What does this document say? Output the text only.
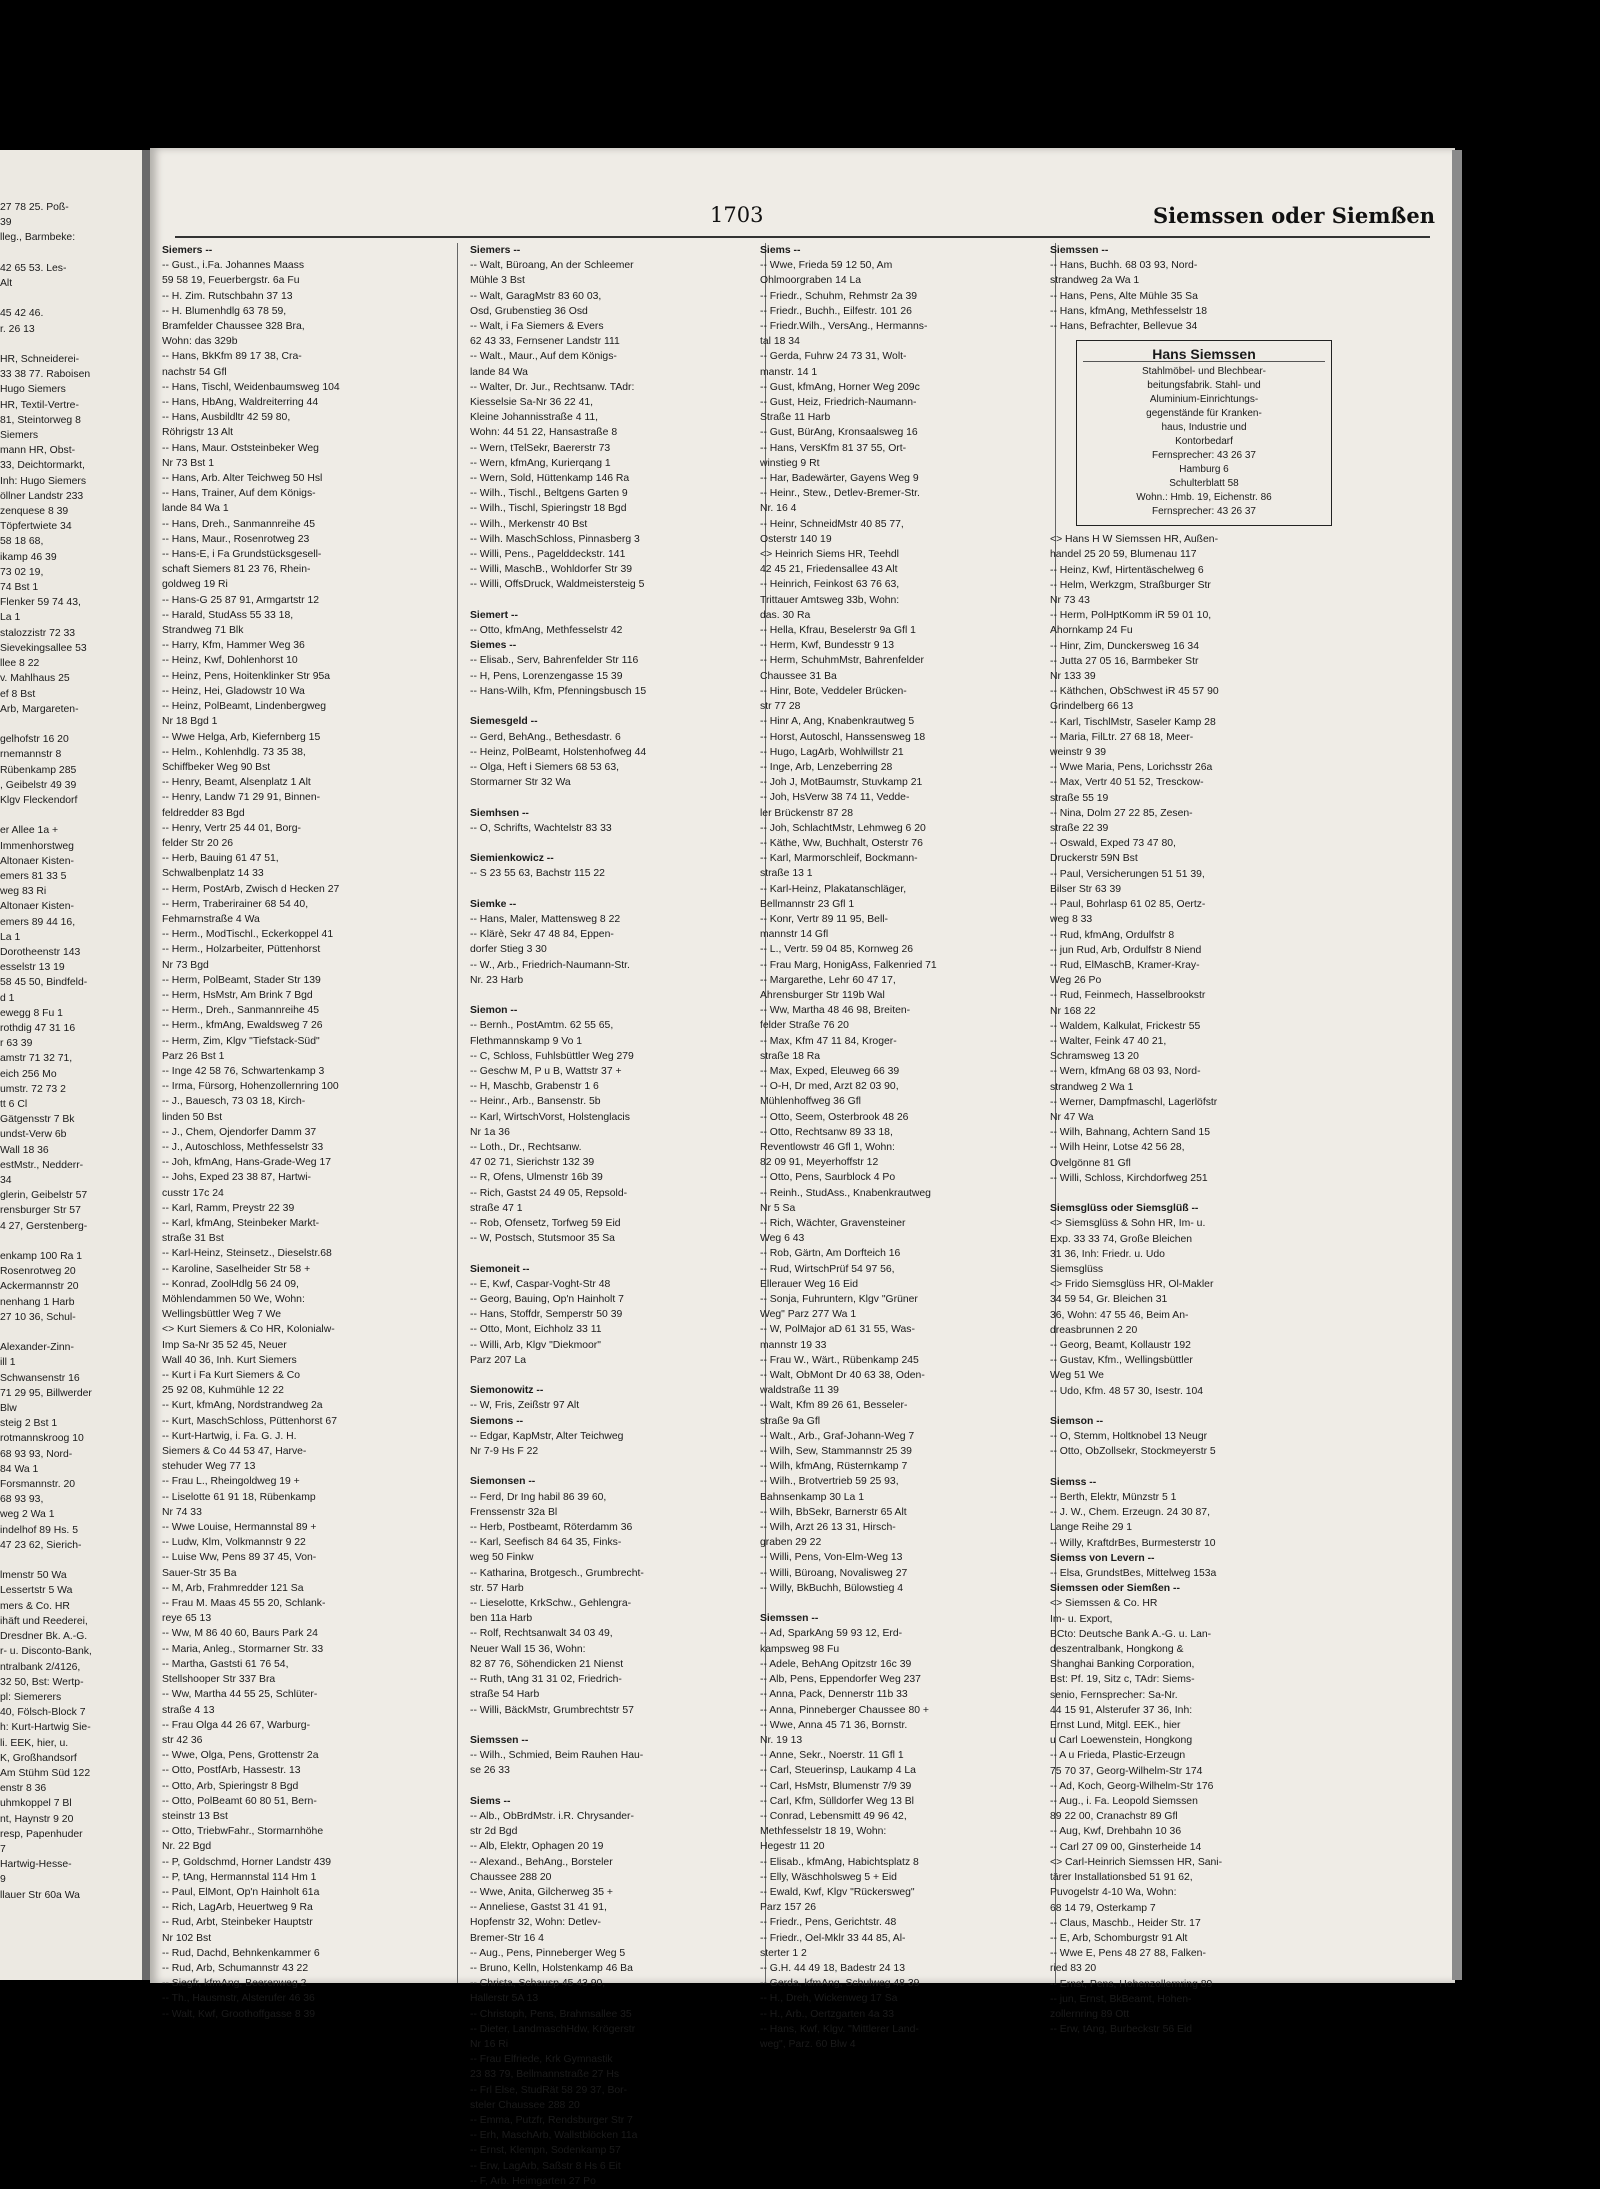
27 78 25. Poß-
39
lleg., Barmbeke:

42 65 53. Les-
Alt

45 42 46.
r. 26 13

HR, Schneiderei-
33 38 77. Raboisen
Hugo Siemers
HR, Textil-Vertre-
81, Steintorweg 8
Siemers
mann HR, Obst-
33, Deichtormarkt,
Inh: Hugo Siemers
öllner Landstr 233
zenquese 8 39
Töpfertwiete 34
58 18 68,
ikamp 46 39
73 02 19,
74 Bst 1
Flenker 59 74 43,
La 1
stalozzistr 72 33
Sievekingsallee 53
llee 8 22
v. Mahlhaus 25
ef 8 Bst
Arb, Margareten-

gelhofstr 16 20
rnemannstr 8
Rübenkamp 285
, Geibelstr 49 39
Klgv Fleckendorf

er Allee 1a +
Immenhorstweg
Altonaer Kisten-
emers 81 33 5
weg 83 Ri
Altonaer Kisten-
emers 89 44 16,
La 1
Dorotheenstr 143
esselstr 13 19
58 45 50, Bindfeld-
d 1
ewegg 8 Fu 1
rothdig 47 31 16
r 63 39
amstr 71 32 71,
eich 256 Mo
umstr. 72 73 2
tt 6 Cl
Gätgensstr 7 Bk
undst-Verw 6b
Wall 18 36
estMstr., Nedderr-
34
glerin, Geibelstr 57
rensburger Str 57
4 27, Gerstenberg-

enkamp 100 Ra 1
Rosenrotweg 20
Ackermannstr 20
nenhang 1 Harb
27 10 36, Schul-

Alexander-Zinn-
ill 1
Schwansenstr 16
71 29 95, Billwerder
Blw
steig 2 Bst 1
rotmannskroog 10
68 93 93, Nord-
84 Wa 1
Forsmannstr. 20
68 93 93,
weg 2 Wa 1
indelhof 89 Hs. 5
47 23 62, Sierich-

lmenstr 50 Wa
Lessertstr 5 Wa
mers & Co. HR
ihäft und Reederei,
Dresdner Bk. A.-G.
r- u. Disconto-Bank,
ntralbank 2/4126,
32 50, Bst: Wertp-
pl: Siemerers
40, Fölsch-Block 7
h: Kurt-Hartwig Sie-
li. EEK, hier, u.
K, Großhandsorf
Am Stühm Süd 122
enstr 8 36
uhmkoppel 7 Bl
nt, Haynstr 9 20
resp, Papenhuder
7
Hartwig-Hesse-
9
llauer Str 60a Wa
1703	Siemssen oder Siemßen
Siemers --
-- Gust., i.Fa. Johannes Maass
59 58 19, Feuerbergstr. 6a Fu
-- H. Zim. Rutschbahn 37 13
-- H. Blumenhdlg 63 78 59,
Bramfelder Chaussee 328 Bra,
Wohn: das 329b
-- Hans, BkKfm 89 17 38, Cra-
nachstr 54 Gfl
-- Hans, Tischl, Weidenbaumsweg 104
-- Hans, HbAng, Waldreiterring 44
-- Hans, Ausbildltr 42 59 80,
Röhrigstr 13 Alt
-- Hans, Maur. Oststeinbeker Weg
Nr 73 Bst 1
-- Hans, Arb. Alter Teichweg 50 Hsl
-- Hans, Trainer, Auf dem Königs-
lande 84 Wa 1
-- Hans, Dreh., Sanmannreihe 45
-- Hans, Maur., Rosenrotweg 23
-- Hans-E, i Fa Grundstücksgesell-
schaft Siemers 81 23 76, Rhein-
goldweg 19 Ri
-- Hans-G 25 87 91, Armgartstr 12
-- Harald, StudAss 55 33 18,
Strandweg 71 Blk
-- Harry, Kfm, Hammer Weg 36
-- Heinz, Kwf, Dohlenhorst 10
-- Heinz, Pens, Hoitenklinker Str 95a
-- Heinz, Hei, Gladowstr 10 Wa
-- Heinz, PolBeamt, Lindenbergweg
Nr 18 Bgd 1
-- Wwe Helga, Arb, Kiefernberg 15
-- Helm., Kohlenhdlg. 73 35 38,
Schiffbeker Weg 90 Bst
-- Henry, Beamt, Alsenplatz 1 Alt
-- Henry, Landw 71 29 91, Binnen-
feldredder 83 Bgd
-- Henry, Vertr 25 44 01, Borg-
felder Str 20 26
-- Herb, Bauing 61 47 51,
Schwalbenplatz 14 33
-- Herm, PostArb, Zwisch d Hecken 27
-- Herm, Traberirainer 68 54 40,
Fehmarnstraße 4 Wa
-- Herm., ModTischl., Eckerkoppel 41
-- Herm., Holzarbeiter, Püttenhorst
Nr 73 Bgd
-- Herm, PolBeamt, Stader Str 139
-- Herm, HsMstr, Am Brink 7 Bgd
-- Herm., Dreh., Sanmannreihe 45
-- Herm., kfmAng, Ewaldsweg 7 26
-- Herm, Zim, Klgv "Tiefstack-Süd"
Parz 26 Bst 1
-- Inge 42 58 76, Schwartenkamp 3
-- Irma, Fürsorg, Hohenzollernring 100
-- J., Bauesch, 73 03 18, Kirch-
linden 50 Bst
-- J., Chem, Ojendorfer Damm 37
-- J., Autoschloss, Methfesselstr 33
-- Joh, kfmAng, Hans-Grade-Weg 17
-- Johs, Exped 23 38 87, Hartwi-
cusstr 17c 24
-- Karl, Ramm, Preystr 22 39
-- Karl, kfmAng, Steinbeker Markt-
straße 31 Bst
-- Karl-Heinz, Steinsetz., Dieselstr.68
-- Karoline, Saselheider Str 58 +
-- Konrad, ZoolHdlg 56 24 09,
Möhlendammen 50 We, Wohn:
Wellingsbüttler Weg 7 We
<> Kurt Siemers & Co HR, Kolonialw-
Imp Sa-Nr 35 52 45, Neuer
Wall 40 36, Inh. Kurt Siemers
-- Kurt i Fa Kurt Siemers & Co
25 92 08, Kuhmühle 12 22
-- Kurt, kfmAng, Nordstrandweg 2a
-- Kurt, MaschSchloss, Püttenhorst 67
-- Kurt-Hartwig, i. Fa. G. J. H.
Siemers & Co 44 53 47, Harve-
stehuder Weg 77 13
-- Frau L., Rheingoldweg 19 +
-- Liselotte 61 91 18, Rübenkamp
Nr 74 33
-- Wwe Louise, Hermannstal 89 +
-- Ludw, Klm, Volkmannstr 9 22
-- Luise Ww, Pens 89 37 45, Von-
Sauer-Str 35 Ba
-- M, Arb, Frahmredder 121 Sa
-- Frau M. Maas 45 55 20, Schlank-
reye 65 13
-- Ww, M 86 40 60, Baurs Park 24
-- Maria, Anleg., Stormarner Str. 33
-- Martha, Gaststi 61 76 54,
Stellshooper Str 337 Bra
-- Ww, Martha 44 55 25, Schlüter-
straße 4 13
-- Frau Olga 44 26 67, Warburg-
str 42 36
-- Wwe, Olga, Pens, Grottenstr 2a
-- Otto, PostfArb, Hassestr. 13
-- Otto, Arb, Spieringstr 8 Bgd
-- Otto, PolBeamt 60 80 51, Bern-
steinstr 13 Bst
-- Otto, TriebwFahr., Stormarnhöhe
Nr. 22 Bgd
-- P, Goldschmd, Horner Landstr 439
-- P, tAng, Hermannstal 114 Hm 1
-- Paul, ElMont, Op'n Hainholt 61a
-- Rich, LagArb, Heuertweg 9 Ra
-- Rud, Arbt, Steinbeker Hauptstr
Nr 102 Bst
-- Rud, Dachd, Behnkenkammer 6
-- Rud, Arb, Schumannstr 43 22
-- Siegfr, kfmAng, Beerenweg 2
-- Th., Hausmstr, Alsterufer 46 36
-- Walt, Kwf, Groothoffgasse 8 39
Siemers --
-- Walt, Büroang, An der Schleemer
Mühle 3 Bst
-- Walt, GaragMstr 83 60 03,
Osd, Grubenstieg 36 Osd
-- Walt, i Fa Siemers & Evers
62 43 33, Fernsener Landstr 111
-- Walt., Maur., Auf dem Königs-
lande 84 Wa
-- Walter, Dr. Jur., Rechtsanw. TAdr:
Kiesselsie Sa-Nr 36 22 41,
Kleine Johannisstraße 4 11,
Wohn: 44 51 22, Hansastraße 8
-- Wern, tTelSekr, Baererstr 73
-- Wern, kfmAng, Kurierqang 1
-- Wern, Sold, Hüttenkamp 146 Ra
-- Wilh., Tischl., Beltgens Garten 9
-- Wilh., Tischl, Spieringstr 18 Bgd
-- Wilh., Merkenstr 40 Bst
-- Wilh. MaschSchloss, Pinnasberg 3
-- Willi, Pens., Pagelddeckstr. 141
-- Willi, MaschB., Wohldorfer Str 39
-- Willi, OffsDruck, Waldmeistersteig 5

Siemert --
-- Otto, kfmAng, Methfesselstr 42
Siemes --
-- Elisab., Serv, Bahrenfelder Str 116
-- H, Pens, Lorenzengasse 15 39
-- Hans-Wilh, Kfm, Pfenningsbusch 15

Siemesgeld --
-- Gerd, BehAng., Bethesdastr. 6
-- Heinz, PolBeamt, Holstenhofweg 44
-- Olga, Heft i Siemers 68 53 63,
Stormarner Str 32 Wa

Siemhsen --
-- O, Schrifts, Wachtelstr 83 33

Siemienkowicz --
-- S 23 55 63, Bachstr 115 22

Siemke --
-- Hans, Maler, Mattensweg 8 22
-- Klärè, Sekr 47 48 84, Eppen-
dorfer Stieg 3 30
-- W., Arb., Friedrich-Naumann-Str.
Nr. 23 Harb

Siemon --
-- Bernh., PostAmtm. 62 55 65,
Flethmannskamp 9 Vo 1
-- C, Schloss, Fuhlsbüttler Weg 279
-- Geschw M, P u B, Wattstr 37 +
-- H, Maschb, Grabenstr 1 6
-- Heinr., Arb., Bansenstr. 5b
-- Karl, WirtschVorst, Holstenglacis
Nr 1a 36
-- Loth., Dr., Rechtsanw.
47 02 71, Sierichstr 132 39
-- R, Ofens, Ulmenstr 16b 39
-- Rich, Gastst 24 49 05, Repsold-
straße 47 1
-- Rob, Ofensetz, Torfweg 59 Eid
-- W, Postsch, Stutsmoor 35 Sa

Siemoneit --
-- E, Kwf, Caspar-Voght-Str 48
-- Georg, Bauing, Op'n Hainholt 7
-- Hans, Stoffdr, Semperstr 50 39
-- Otto, Mont, Eichholz 33 11
-- Willi, Arb, Klgv "Diekmoor"
Parz 207 La

Siemonowitz --
-- W, Fris, Zeißstr 97 Alt
Siemons --
-- Edgar, KapMstr, Alter Teichweg
Nr 7-9 Hs F 22

Siemonsen --
-- Ferd, Dr Ing habil 86 39 60,
Frenssenstr 32a Bl
-- Herb, Postbeamt, Röterdamm 36
-- Karl, Seefisch 84 64 35, Finks-
weg 50 Finkw
-- Katharina, Brotgesch., Grumbrecht-
str. 57 Harb
-- Lieselotte, KrkSchw., Gehlengra-
ben 11a Harb
-- Rolf, Rechtsanwalt 34 03 49,
Neuer Wall 15 36, Wohn:
82 87 76, Söhendicken 21 Nienst
-- Ruth, tAng 31 31 02, Friedrich-
straße 54 Harb
-- Willi, BäckMstr, Grumbrechtstr 57

Siemssen --
-- Wilh., Schmied, Beim Rauhen Hau-
se 26 33

Siems --
-- Alb., ObBrdMstr. i.R. Chrysander-
str 2d Bgd
-- Alb, Elektr, Ophagen 20 19
-- Alexand., BehAng., Borsteler
Chaussee 288 20
-- Wwe, Anita, Gilcherweg 35 +
-- Anneliese, Gastst 31 41 91,
Hopfenstr 32, Wohn: Detlev-
Bremer-Str 16 4
-- Aug., Pens, Pinneberger Weg 5
-- Bruno, Kelln, Holstenkamp 46 Ba
-- Christa, Schausp 45 43 90,
Hallerstr 5A 13
-- Christoph, Pens, Brahmsallee 35
-- Dieter, LandmaschHdw, Krögerstr
Nr 16 Ri
-- Frau Elfriede, Krk Gymnastik
23 83 79, Bellmannstraße 27 Hs
-- Frl Else, StudRät 58 29 37, Bor-
steler Chaussee 288 20
-- Emma, Putzfr, Rendsburger Str 7
-- Erh, MaschArb, Wallstblöcken 11a
-- Ernst, Klempn, Sodenkamp 57
-- Erw, LagArb, Saßstr 8 Hs 6 Eit
-- F, Arb. Heimgarten 27 Po
Siems --
-- Wwe, Frieda 59 12 50, Am
Ohlmoorgraben 14 La
-- Friedr., Schuhm, Rehmstr 2a 39
-- Friedr., Buchh., Eilfestr. 101 26
-- Friedr.Wilh., VersAng., Hermanns-
tal 18 34
-- Gerda, Fuhrw 24 73 31, Wolt-
manstr. 14 1
-- Gust, kfmAng, Horner Weg 209c
-- Gust, Heiz, Friedrich-Naumann-
Straße 11 Harb
-- Gust, BürAng, Kronsaalsweg 16
-- Hans, VersKfm 81 37 55, Ort-
winstieg 9 Rt
-- Har, Badewärter, Gayens Weg 9
-- Heinr., Stew., Detlev-Bremer-Str.
Nr. 16 4
-- Heinr, SchneidMstr 40 85 77,
Osterstr 140 19
<> Heinrich Siems HR, Teehdl
42 45 21, Friedensallee 43 Alt
-- Heinrich, Feinkost 63 76 63,
Trittauer Amtsweg 33b, Wohn:
das. 30 Ra
-- Hella, Kfrau, Beselerstr 9a Gfl 1
-- Herm, Kwf, Bundesstr 9 13
-- Herm, SchuhmMstr, Bahrenfelder
Chaussee 31 Ba
-- Hinr, Bote, Veddeler Brücken-
str 77 28
-- Hinr A, Ang, Knabenkrautweg 5
-- Horst, Autoschl, Hanssensweg 18
-- Hugo, LagArb, Wohlwillstr 21
-- Inge, Arb, Lenzeberring 28
-- Joh J, MotBaumstr, Stuvkamp 21
-- Joh, HsVerw 38 74 11, Vedde-
ler Brückenstr 87 28
-- Joh, SchlachtMstr, Lehmweg 6 20
-- Käthe, Ww, Buchhalt, Osterstr 76
-- Karl, Marmorschleif, Bockmann-
straße 13 1
-- Karl-Heinz, Plakatanschläger,
Bellmannstr 23 Gfl 1
-- Konr, Vertr 89 11 95, Bell-
mannstr 14 Gfl
-- L., Vertr. 59 04 85, Kornweg 26
-- Frau Marg, HonigAss, Falkenried 71
-- Margarethe, Lehr 60 47 17,
Ahrensburger Str 119b Wal
-- Ww, Martha 48 46 98, Breiten-
felder Straße 76 20
-- Max, Kfm 47 11 84, Kroger-
straße 18 Ra
-- Max, Exped, Eleuweg 66 39
-- O-H, Dr med, Arzt 82 03 90,
Mühlenhoffweg 36 Gfl
-- Otto, Seem, Osterbrook 48 26
-- Otto, Rechtsanw 89 33 18,
Reventlowstr 46 Gfl 1, Wohn:
82 09 91, Meyerhoffstr 12
-- Otto, Pens, Saurblock 4 Po
-- Reinh., StudAss., Knabenkrautweg
Nr 5 Sa
-- Rich, Wächter, Gravensteiner
Weg 6 43
-- Rob, Gärtn, Am Dorfteich 16
-- Rud, WirtschPrüf 54 97 56,
Ellerauer Weg 16 Eid
-- Sonja, Fuhruntern, Klgv "Grüner
Weg" Parz 277 Wa 1
-- W, PolMajor aD 61 31 55, Was-
mannstr 19 33
-- Frau W., Wärt., Rübenkamp 245
-- Walt, ObMont Dr 40 63 38, Oden-
waldstraße 11 39
-- Walt, Kfm 89 26 61, Besseler-
straße 9a Gfl
-- Walt., Arb., Graf-Johann-Weg 7
-- Wilh, Sew, Stammannstr 25 39
-- Wilh, kfmAng, Rüsternkamp 7
-- Wilh., Brotvertrieb 59 25 93,
Bahnsenkamp 30 La 1
-- Wilh, BbSekr, Barnerstr 65 Alt
-- Wilh, Arzt 26 13 31, Hirsch-
graben 29 22
-- Willi, Pens, Von-Elm-Weg 13
-- Willi, Büroang, Novalisweg 27
-- Willy, BkBuchh, Bülowstieg 4

Siemssen --
-- Ad, SparkAng 59 93 12, Erd-
kampsweg 98 Fu
-- Adele, BehAng Opitzstr 16c 39
-- Alb, Pens, Eppendorfer Weg 237
-- Anna, Pack, Dennerstr 11b 33
-- Anna, Pinneberger Chaussee 80 +
-- Wwe, Anna 45 71 36, Bornstr.
Nr. 19 13
-- Anne, Sekr., Noerstr. 11 Gfl 1
-- Carl, Steuerinsp, Laukamp 4 La
-- Carl, HsMstr, Blumenstr 7/9 39
-- Carl, Kfm, Sülldorfer Weg 13 Bl
-- Conrad, Lebensmitt 49 96 42,
Methfesselstr 18 19, Wohn:
Hegestr 11 20
-- Elisab., kfmAng, Habichtsplatz 8
-- Elly, Wäschholsweg 5 + Eid
-- Ewald, Kwf, Klgv "Rückersweg"
Parz 157 26
-- Friedr., Pens, Gerichtstr. 48
-- Friedr., Oel-Mklr 33 44 85, Al-
sterter 1 2
-- G.H. 44 49 18, Badestr 24 13
-- Gerda, kfmAng, Schulweg 48 39
-- H., Dreh, Wickenweg 17 Sa
-- H., Arb., Oertzgarten 4a 33
-- Hans, Kwf, Klgv. "Mittlerer Land-
weg", Parz. 60 Blw 4
Siemssen --
-- Hans, Buchh. 68 03 93, Nord-
strandweg 2a Wa 1
-- Hans, Pens, Alte Mühle 35 Sa
-- Hans, kfmAng, Methfesselstr 18
-- Hans, Befrachter, Bellevue 34
Hans Siemssen
Stahlmöbel- und Blechbear-
beitungsfabrik. Stahl- und
Aluminium-Einrichtungs-
gegenstände für Kranken-
haus, Industrie und
Kontorbedarf
Fernsprecher: 43 26 37
Hamburg 6
Schulterblatt 58
Wohn.: Hmb. 19, Eichenstr. 86
Fernsprecher: 43 26 37
<> Hans H W Siemssen HR, Außen-
handel 25 20 59, Blumenau 117
-- Heinz, Kwf, Hirtentäschelweg 6
-- Helm, Werkzgm, Straßburger Str
Nr 73 43
-- Herm, PolHptKomm iR 59 01 10,
Ahornkamp 24 Fu
-- Hinr, Zim, Dunckersweg 16 34
-- Jutta 27 05 16, Barmbeker Str
Nr 133 39
-- Käthchen, ObSchwest iR 45 57 90
Grindelberg 66 13
-- Karl, TischlMstr, Saseler Kamp 28
-- Maria, FilLtr. 27 68 18, Meer-
weinstr 9 39
-- Wwe Maria, Pens, Lorichsstr 26a
-- Max, Vertr 40 51 52, Tresckow-
straße 55 19
-- Nina, Dolm 27 22 85, Zesen-
straße 22 39
-- Oswald, Exped 73 47 80,
Druckerstr 59N Bst
-- Paul, Versicherungen 51 51 39,
Bilser Str 63 39
-- Paul, Bohrlasp 61 02 85, Oertz-
weg 8 33
-- Rud, kfmAng, Ordulfstr 8
-- jun Rud, Arb, Ordulfstr 8 Niend
-- Rud, ElMaschB, Kramer-Kray-
Weg 26 Po
-- Rud, Feinmech, Hasselbrookstr
Nr 168 22
-- Waldem, Kalkulat, Frickestr 55
-- Walter, Feink 47 40 21,
Schramsweg 13 20
-- Wern, kfmAng 68 03 93, Nord-
strandweg 2 Wa 1
-- Werner, Dampfmaschl, Lagerlöfstr
Nr 47 Wa
-- Wilh, Bahnang, Achtern Sand 15
-- Wilh Heinr, Lotse 42 56 28,
Ovelgönne 81 Gfl
-- Willi, Schloss, Kirchdorfweg 251

Siemsglüss oder Siemsglüß --
<> Siemsglüss & Sohn HR, Im- u.
Exp. 33 33 74, Große Bleichen
31 36, Inh: Friedr. u. Udo
Siemsglüss
<> Frido Siemsglüss HR, Ol-Makler
34 59 54, Gr. Bleichen 31
36, Wohn: 47 55 46, Beim An-
dreasbrunnen 2 20
-- Georg, Beamt, Kollaustr 192
-- Gustav, Kfm., Wellingsbüttler
Weg 51 We
-- Udo, Kfm. 48 57 30, Isestr. 104

Siemson --
-- O, Stemm, Holtknobel 13 Neugr
-- Otto, ObZollsekr, Stockmeyerstr 5

Siemss --
-- Berth, Elektr, Münzstr 5 1
-- J. W., Chem. Erzeugn. 24 30 87,
Lange Reihe 29 1
-- Willy, KraftdrBes, Burmesterstr 10
Siemss von Levern --
-- Elsa, GrundstBes, Mittelweg 153a
Siemssen oder Siemßen --
<> Siemssen & Co. HR
Im- u. Export,
BCto: Deutsche Bank A.-G. u. Lan-
deszentralbank, Hongkong &
Shanghai Banking Corporation,
Bst: Pf. 19, Sitz c, TAdr: Siems-
senio, Fernsprecher: Sa-Nr.
44 15 91, Alsterufer 37 36, Inh:
Ernst Lund, Mitgl. EEK., hier
u Carl Loewenstein, Hongkong
-- A u Frieda, Plastic-Erzeugn
75 70 37, Georg-Wilhelm-Str 174
-- Ad, Koch, Georg-Wilhelm-Str 176
-- Aug., i. Fa. Leopold Siemssen
89 22 00, Cranachstr 89 Gfl
-- Aug, Kwf, Drehbahn 10 36
-- Carl 27 09 00, Ginsterheide 14
<> Carl-Heinrich Siemssen HR, Sani-
tärer Installationsbed 51 91 62,
Puvogelstr 4-10 Wa, Wohn:
68 14 79, Osterkamp 7
-- Claus, Maschb., Heider Str. 17
-- E, Arb, Schomburgstr 91 Alt
-- Wwe E, Pens 48 27 88, Falken-
ried 83 20
-- Ernst, Pens, Hohenzollernring 89
-- jun, Ernst, BkBeamt, Hohen-
zollernring 89 Ott
-- Erw, tAng, Burbeckstr 56 Eid
